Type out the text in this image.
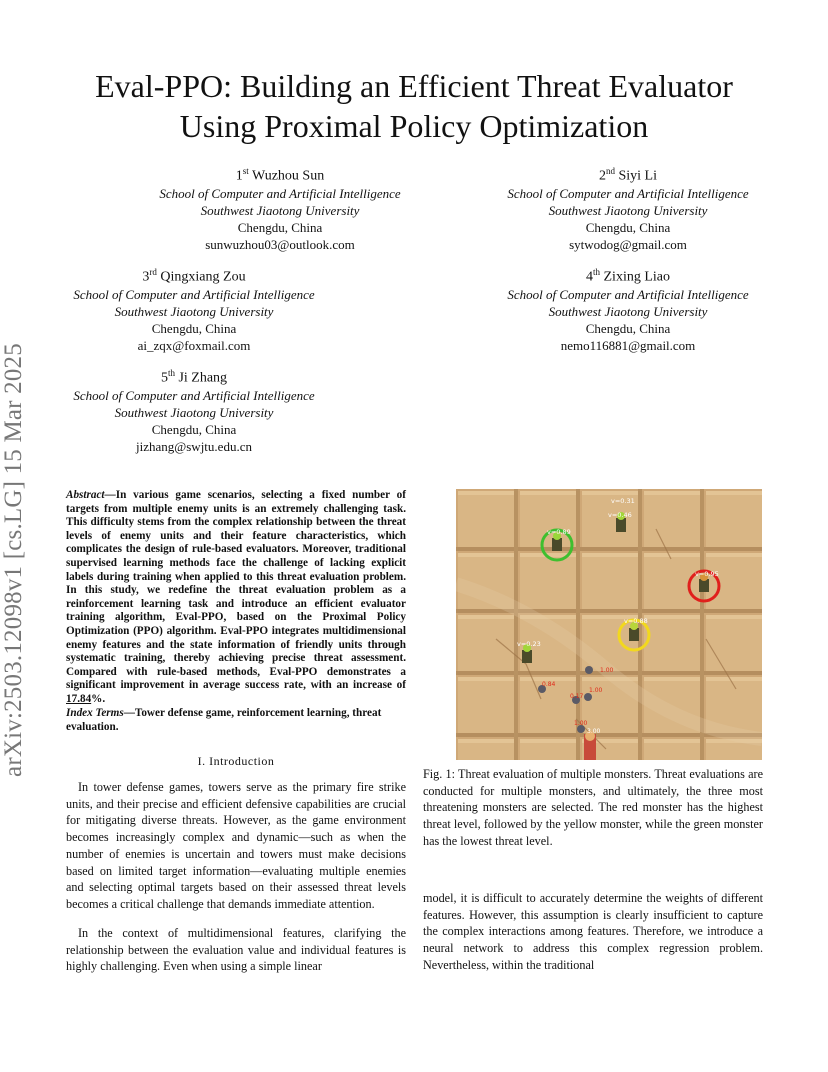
arXiv:2503.12098v1 [cs.LG] 15 Mar 2025
Eval-PPO: Building an Efficient Threat Evaluator
Using Proximal Policy Optimization
1st Wuzhou Sun
School of Computer and Artificial Intelligence
Southwest Jiaotong University
Chengdu, China
sunwuzhou03@outlook.com
2nd Siyi Li
School of Computer and Artificial Intelligence
Southwest Jiaotong University
Chengdu, China
sytwodog@gmail.com
3rd Qingxiang Zou
School of Computer and Artificial Intelligence
Southwest Jiaotong University
Chengdu, China
ai_zqx@foxmail.com
4th Zixing Liao
School of Computer and Artificial Intelligence
Southwest Jiaotong University
Chengdu, China
nemo116881@gmail.com
5th Ji Zhang
School of Computer and Artificial Intelligence
Southwest Jiaotong University
Chengdu, China
jizhang@swjtu.edu.cn
Abstract—In various game scenarios, selecting a fixed number of targets from multiple enemy units is an extremely challenging task. This difficulty stems from the complex relationship between the threat levels of enemy units and their feature characteristics, which complicates the design of rule-based evaluators. Moreover, traditional supervised learning methods face the challenge of lacking explicit labels during training when applied to this threat evaluation problem. In this study, we redefine the threat evaluation problem as a reinforcement learning task and introduce an efficient evaluator training algorithm, Eval-PPO, based on the Proximal Policy Optimization (PPO) algorithm. Eval-PPO integrates multidimensional enemy features and the state information of friendly units through systematic training, thereby achieving precise threat assessment. Compared with rule-based methods, Eval-PPO demonstrates a significant improvement in average success rate, with an increase of 17.84%.
Index Terms—Tower defense game, reinforcement learning, threat evaluation.
I. Introduction
In tower defense games, towers serve as the primary fire strike units, and their precise and efficient defensive capabilities are crucial for mitigating diverse threats. However, as the game environment becomes increasingly complex and dynamic—such as when the number of enemies is uncertain and towers must make decisions based on limited target information—evaluating multiple enemies and selecting optimal targets based on their assessed threat levels becomes a critical challenge that demands immediate attention.
In the context of multidimensional features, clarifying the relationship between the evaluation value and individual features is highly challenging. Even when using a simple linear
v=0.31
v=0.46
v=0.89
v=0.95
v=0.88
v=0.23
0.84
1.00
0.17
1.00
1.00
3.00
Fig. 1: Threat evaluation of multiple monsters. Threat evaluations are conducted for multiple monsters, and ultimately, the three most threatening monsters are selected. The red monster has the highest threat level, followed by the yellow monster, while the green monster has the lowest threat level.
model, it is difficult to accurately determine the weights of different features. However, this assumption is clearly insufficient to capture the complex interactions among features. Therefore, we introduce a neural network to address this complex regression problem. Nevertheless, within the traditional
